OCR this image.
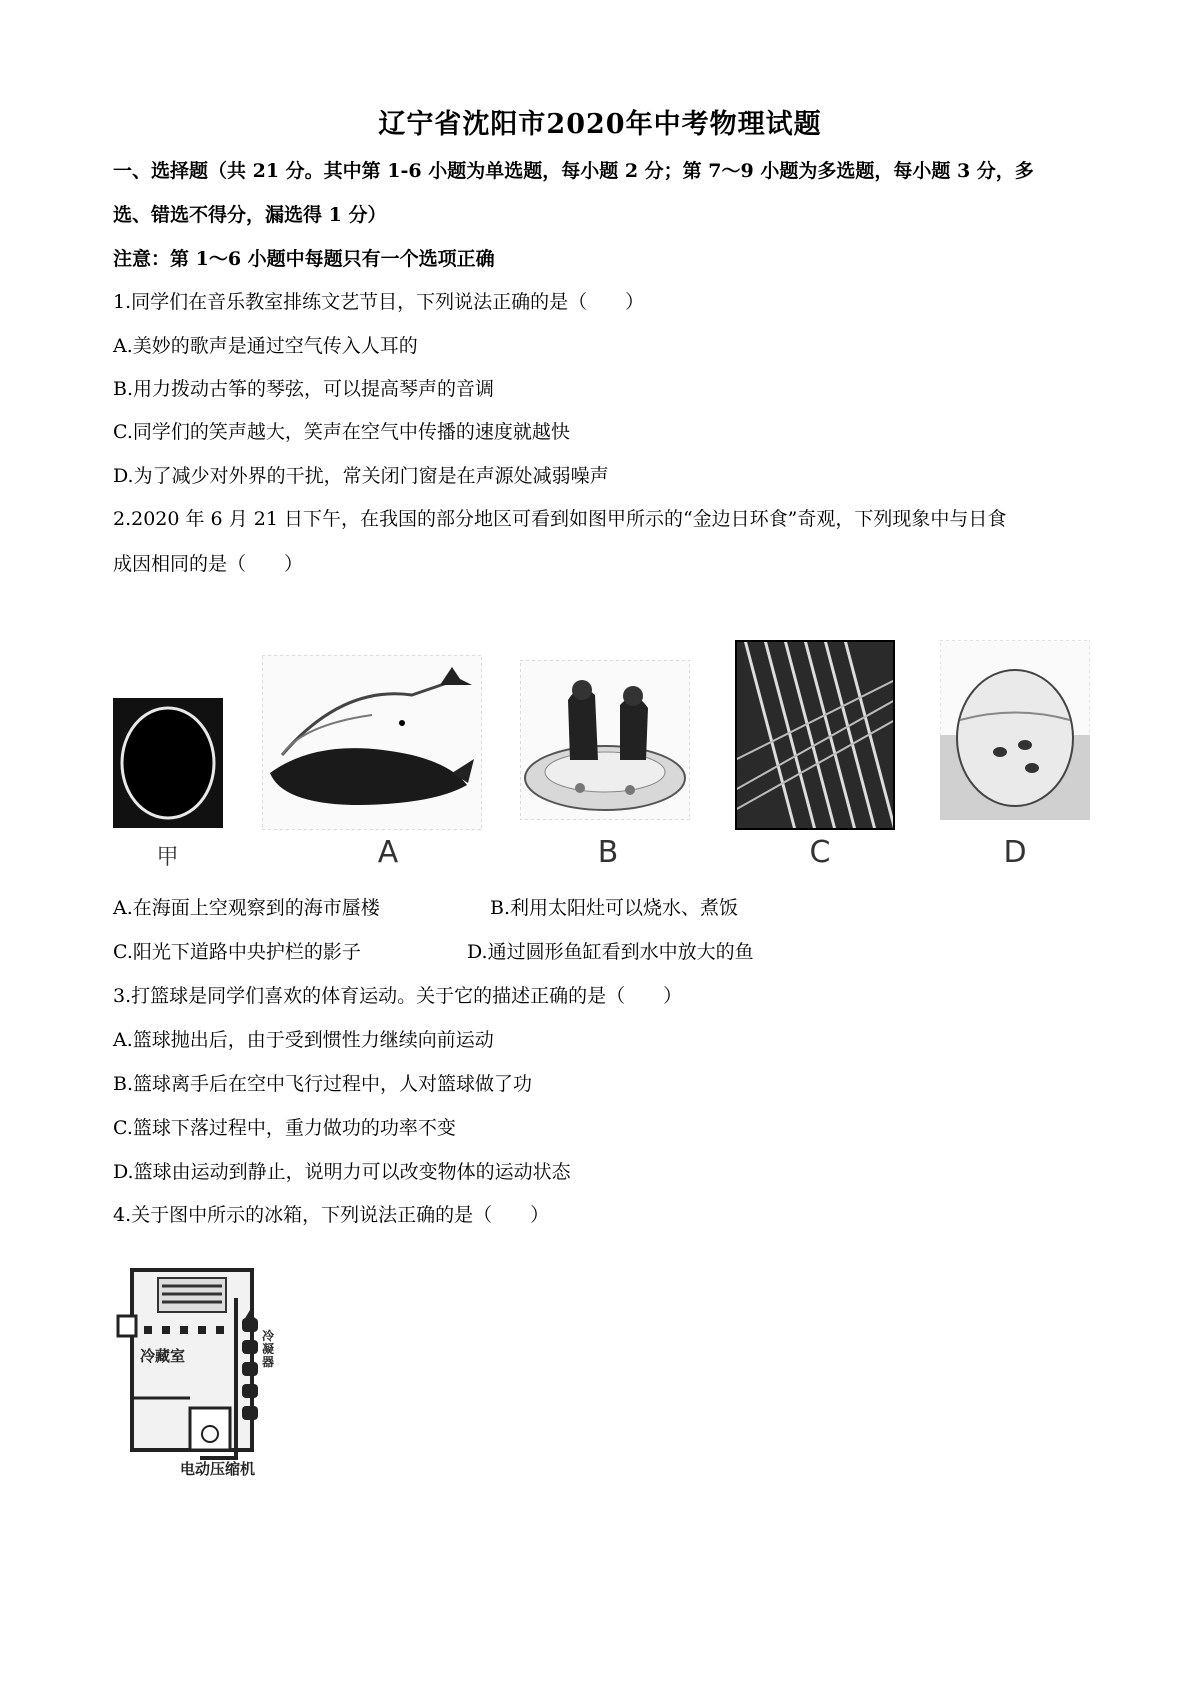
辽宁省沈阳市2020年中考物理试题
一、选择题（共 21 分。其中第 1-6 小题为单选题，每小题 2 分；第 7～9 小题为多选题，每小题 3 分，多
选、错选不得分，漏选得 1 分）
注意：第 1～6 小题中每题只有一个选项正确
1.同学们在音乐教室排练文艺节目，下列说法正确的是（　　）
A.美妙的歌声是通过空气传入人耳的
B.用力拨动古筝的琴弦，可以提高琴声的音调
C.同学们的笑声越大，笑声在空气中传播的速度就越快
D.为了减少对外界的干扰，常关闭门窗是在声源处减弱噪声
2.2020 年 6 月 21 日下午，在我国的部分地区可看到如图甲所示的“金边日环食”奇观，下列现象中与日食
成因相同的是（　　）
甲	A	B	C	D
A.在海面上空观察到的海市蜃楼	B.利用太阳灶可以烧水、煮饭
C.阳光下道路中央护栏的影子	D.通过圆形鱼缸看到水中放大的鱼
3.打篮球是同学们喜欢的体育运动。关于它的描述正确的是（　　）
A.篮球抛出后，由于受到惯性力继续向前运动
B.篮球离手后在空中飞行过程中，人对篮球做了功
C.篮球下落过程中，重力做功的功率不变
D.篮球由运动到静止，说明力可以改变物体的运动状态
4.关于图中所示的冰箱，下列说法正确的是（　　）
冷藏室
冷凝器
电动压缩机
